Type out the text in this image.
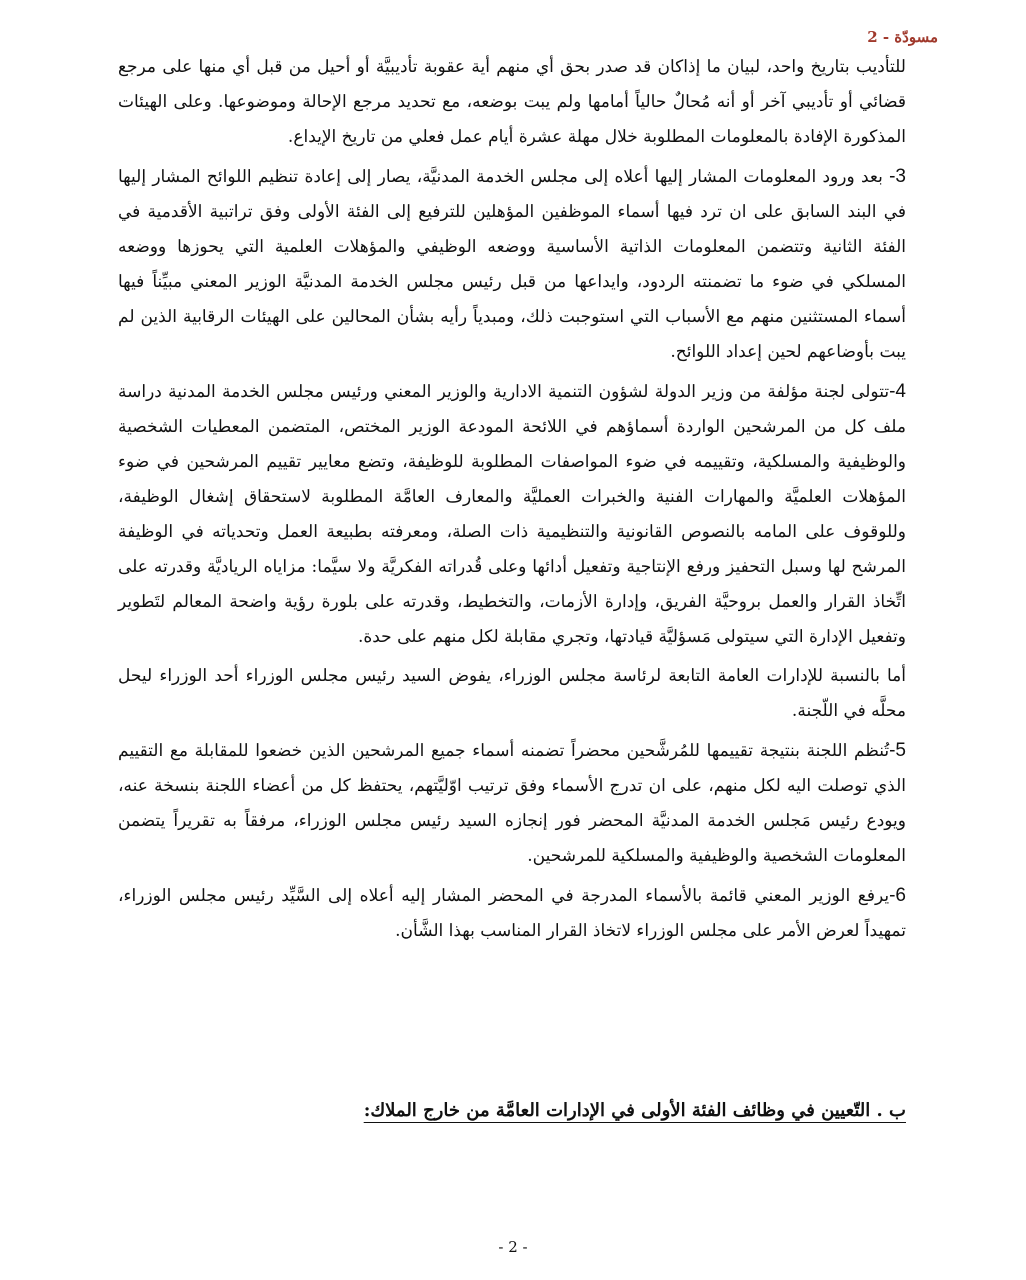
مسودّة - 2

للتأديب بتاريخ واحد، لبيان ما إذاكان قد صدر بحق أي منهم أية عقوبة تأديبيَّة أو أحيل من قبل أي منها على مرجع قضائي أو تأديبي آخر أو أنه مُحالٌ حالياً أمامها ولم يبت بوضعه، مع تحديد مرجع الإحالة وموضوعها. وعلى الهيئات المذكورة الإفادة بالمعلومات المطلوبة خلال مهلة عشرة أيام عمل فعلي من تاريخ الإيداع.

3- بعد ورود المعلومات المشار إليها أعلاه إلى مجلس الخدمة المدنيَّة، يصار إلى إعادة تنظيم اللوائح المشار إليها في البند السابق على ان ترد فيها أسماء الموظفين المؤهلين للترفيع إلى الفئة الأولى وفق تراتبية الأقدمية في الفئة الثانية وتتضمن المعلومات الذاتية الأساسية ووضعه الوظيفي والمؤهلات العلمية التي يحوزها ووضعه المسلكي في ضوء ما تضمنته الردود، وايداعها من قبل رئيس مجلس الخدمة المدنيَّة الوزير المعني مبيِّناً فيها أسماء المستثنين منهم مع الأسباب التي استوجبت ذلك، ومبدياً رأيه بشأن المحالين على الهيئات الرقابية الذين لم يبت بأوضاعهم لحين إعداد اللوائح.

4-تتولى لجنة مؤلفة من وزير الدولة لشؤون التنمية الادارية والوزير المعني ورئيس مجلس الخدمة المدنية دراسة ملف كل من المرشحين الواردة أسماؤهم في اللائحة المودعة الوزير المختص، المتضمن المعطيات الشخصية والوظيفية والمسلكية، وتقييمه في ضوء المواصفات المطلوبة للوظيفة، وتضع معايير تقييم المرشحين في ضوء المؤهلات العلميَّة والمهارات الفنية والخبرات العمليَّة والمعارف العامَّة المطلوبة لاستحقاق إشغال الوظيفة، وللوقوف على المامه بالنصوص القانونية والتنظيمية ذات الصلة، ومعرفته بطبيعة العمل وتحدياته في الوظيفة المرشح لها وسبل التحفيز ورفع الإنتاجية وتفعيل أدائها وعلى قُدراته الفكريَّة ولا سيَّما: مزاياه الرياديَّة وقدرته على اتِّخاذ القرار والعمل بروحيَّة الفريق، وإدارة الأزمات، والتخطيط، وقدرته على بلورة رؤية واضحة المعالم لتَطوير وتفعيل الإدارة التي سيتولى مَسؤليَّة قيادتها، وتجري مقابلة لكل منهم على حدة.

أما بالنسبة للإدارات العامة التابعة لرئاسة مجلس الوزراء، يفوض السيد رئيس مجلس الوزراء أحد الوزراء ليحل محلَّه في اللّجنة.

5-تُنظم اللجنة بنتيجة تقييمها للمُرشَّحين محضراً تضمنه أسماء جميع المرشحين الذين خضعوا للمقابلة مع التقييم الذي توصلت اليه لكل منهم، على ان تدرج الأسماء وفق ترتيب اوّليَّتهم، يحتفظ كل من أعضاء اللجنة بنسخة عنه، ويودع رئيس مَجلس الخدمة المدنيَّة المحضر فور إنجازه السيد رئيس مجلس الوزراء، مرفقاً به تقريراً يتضمن المعلومات الشخصية والوظيفية والمسلكية للمرشحين.

6-يرفع الوزير المعني قائمة بالأسماء المدرجة في المحضر المشار إليه أعلاه إلى السَّيِّد رئيس مجلس الوزراء، تمهيداً لعرض الأمر على مجلس الوزراء لاتخاذ القرار المناسب بهذا الشَّأن.

ب . التّعيين في وظائف الفئة الأولى في الإدارات العامَّة من خارج الملاك:
- 2 -
